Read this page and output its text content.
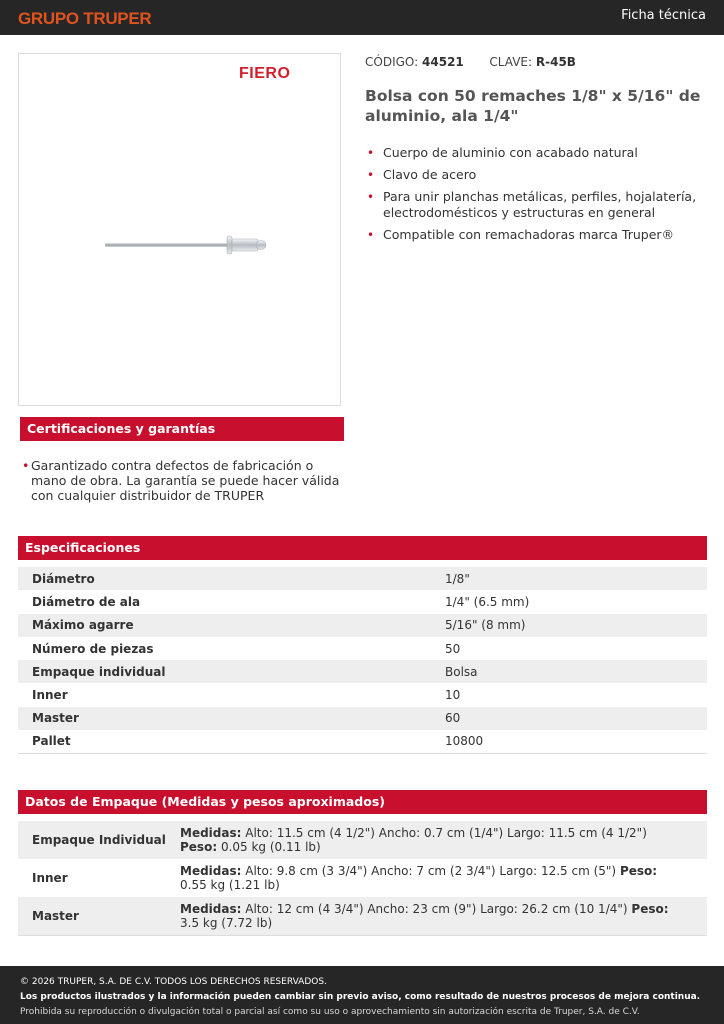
GRUPO TRUPER	Ficha técnica
FIERO
CÓDIGO: 44521 CLAVE: R-45B
Bolsa con 50 remaches 1/8" x 5/16" de aluminio, ala 1/4"
• Cuerpo de aluminio con acabado natural
• Clavo de acero
• Para unir planchas metálicas, perfiles, hojalatería, electrodomésticos y estructuras en general
• Compatible con remachadoras marca Truper®
Certificaciones y garantías
• Garantizado contra defectos de fabricación o mano de obra. La garantía se puede hacer válida con cualquier distribuidor de TRUPER
Especificaciones
Diámetro	1/8"
Diámetro de ala	1/4" (6.5 mm)
Máximo agarre	5/16" (8 mm)
Número de piezas	50
Empaque individual	Bolsa
Inner	10
Master	60
Pallet	10800
Datos de Empaque (Medidas y pesos aproximados)
Empaque Individual	Medidas: Alto: 11.5 cm (4 1/2") Ancho: 0.7 cm (1/4") Largo: 11.5 cm (4 1/2") Peso: 0.05 kg (0.11 lb)
Inner	Medidas: Alto: 9.8 cm (3 3/4") Ancho: 7 cm (2 3/4") Largo: 12.5 cm (5") Peso: 0.55 kg (1.21 lb)
Master	Medidas: Alto: 12 cm (4 3/4") Ancho: 23 cm (9") Largo: 26.2 cm (10 1/4") Peso: 3.5 kg (7.72 lb)
© 2026 TRUPER, S.A. DE C.V. TODOS LOS DERECHOS RESERVADOS.
Los productos ilustrados y la información pueden cambiar sin previo aviso, como resultado de nuestros procesos de mejora continua.
Prohibida su reproducción o divulgación total o parcial así como su uso o aprovechamiento sin autorización escrita de Truper, S.A. de C.V.
